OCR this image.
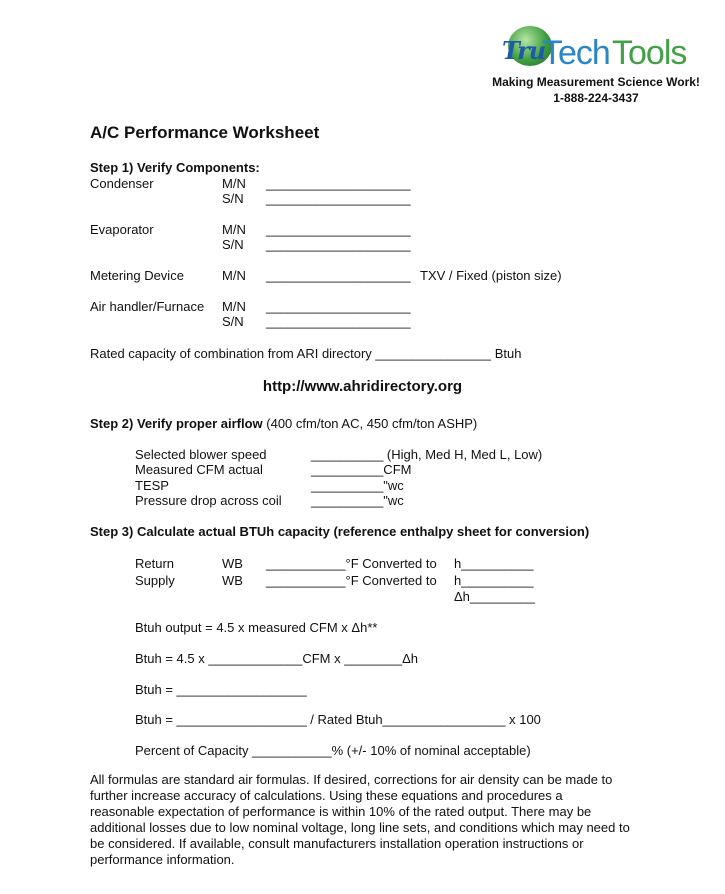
Tru
Tech Tools
Making Measurement Science Work!
1-888-224-3437
A/C Performance Worksheet
Step 1) Verify Components:
Condenser	M/N ____________________
S/N ____________________
Evaporator	M/N ____________________
S/N ____________________
Metering Device	M/N ____________________ TXV / Fixed (piston size)
Air handler/Furnace M/N ____________________
S/N ____________________
Rated capacity of combination from ARI directory ________________ Btuh
http://www.ahridirectory.org
Step 2) Verify proper airflow (400 cfm/ton AC, 450 cfm/ton ASHP)
Selected blower speed	__________ (High, Med H, Med L, Low)
Measured CFM actual	__________CFM
TESP	__________"wc
Pressure drop across coil __________"wc
Step 3) Calculate actual BTUh capacity (reference enthalpy sheet for conversion)
Return	WB ___________°F Converted to h__________
Supply	WB ___________°F Converted to h__________
Δh_________
Btuh output = 4.5 x measured CFM x Δh**
Btuh = 4.5 x _____________CFM x ________Δh
Btuh = __________________
Btuh = __________________ / Rated Btuh_________________ x 100
Percent of Capacity ___________% (+/- 10% of nominal acceptable)
All formulas are standard air formulas. If desired, corrections for air density can be made to further increase accuracy of calculations. Using these equations and procedures a reasonable expectation of performance is within 10% of the rated output. There may be additional losses due to low nominal voltage, long line sets, and conditions which may need to be considered. If available, consult manufacturers installation operation instructions or performance information.
